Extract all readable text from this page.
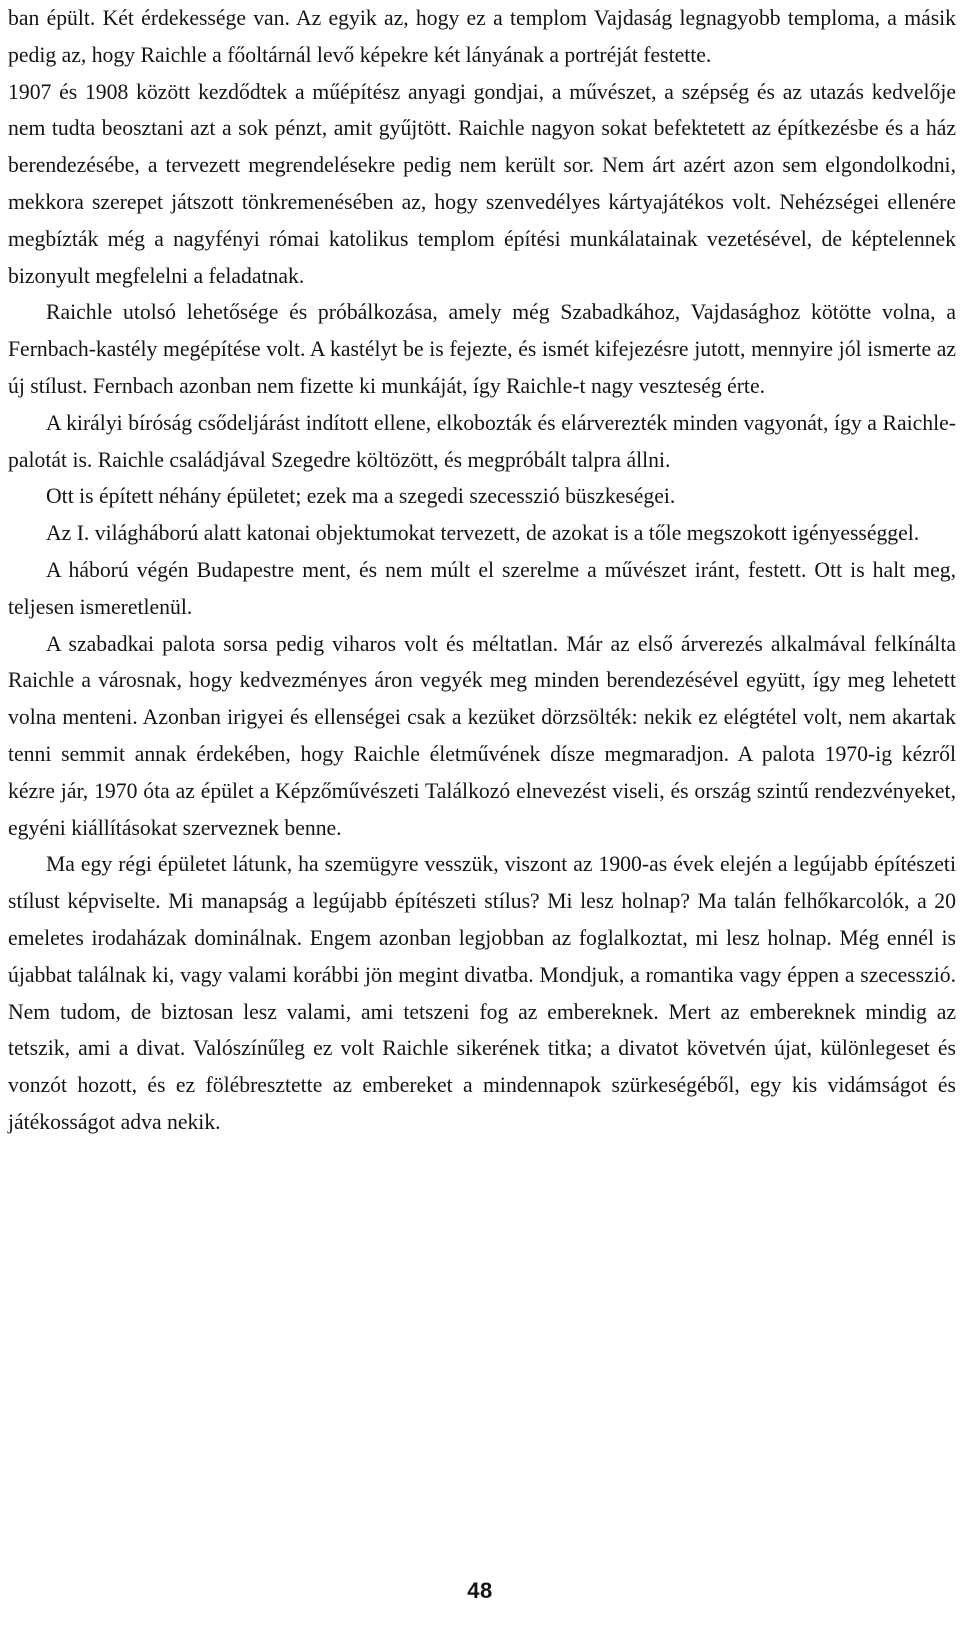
ban épült. Két érdekessége van. Az egyik az, hogy ez a templom Vajdaság legnagyobb temploma, a másik pedig az, hogy Raichle a főoltárnál levő képekre két lányának a portréját festette.

1907 és 1908 között kezdődtek a műépítész anyagi gondjai, a művészet, a szépség és az utazás kedvelője nem tudta beosztani azt a sok pénzt, amit gyűjtött. Raichle nagyon sokat befektetett az építkezésbe és a ház berendezésébe, a tervezett megrendelésekre pedig nem került sor. Nem árt azért azon sem elgondolkodni, mekkora szerepet játszott tönkremenésében az, hogy szenvedélyes kártyajátékos volt. Nehézségei ellenére megbízták még a nagyfényi római katolikus templom építési munkálatainak vezetésével, de képtelennek bizonyult megfelelni a feladatnak.

Raichle utolsó lehetősége és próbálkozása, amely még Szabadkához, Vajdasághoz kötötte volna, a Fernbach-kastély megépítése volt. A kastélyt be is fejezte, és ismét kifejezésre jutott, mennyire jól ismerte az új stílust. Fernbach azonban nem fizette ki munkáját, így Raichle-t nagy veszteség érte.

A királyi bíróság csődeljárást indított ellene, elkobozták és elárverezték minden vagyonát, így a Raichle-palotát is. Raichle családjával Szegedre költözött, és megpróbált talpra állni.

Ott is épített néhány épületet; ezek ma a szegedi szecesszió büszkeségei.

Az I. világháború alatt katonai objektumokat tervezett, de azokat is a tőle megszokott igényességgel.

A háború végén Budapestre ment, és nem múlt el szerelme a művészet iránt, festett. Ott is halt meg, teljesen ismeretlenül.

A szabadkai palota sorsa pedig viharos volt és méltatlan. Már az első árverezés alkalmával felkínálta Raichle a városnak, hogy kedvezményes áron vegyék meg minden berendezésével együtt, így meg lehetett volna menteni. Azonban irigyei és ellenségei csak a kezüket dörzsölték: nekik ez elégtétel volt, nem akartak tenni semmit annak érdekében, hogy Raichle életművének dísze megmaradjon. A palota 1970-ig kézről kézre jár, 1970 óta az épület a Képzőművészeti Találkozó elnevezést viseli, és ország szintű rendezvényeket, egyéni kiállításokat szerveznek benne.

Ma egy régi épületet látunk, ha szemügyre vesszük, viszont az 1900-as évek elején a legújabb építészeti stílust képviselte. Mi manapság a legújabb építészeti stílus? Mi lesz holnap? Ma talán felhőkarcolók, a 20 emeletes irodaházak dominálnak. Engem azonban legjobban az foglalkoztat, mi lesz holnap. Még ennél is újabbat találnak ki, vagy valami korábbi jön megint divatba. Mondjuk, a romantika vagy éppen a szecesszió. Nem tudom, de biztosan lesz valami, ami tetszeni fog az embereknek. Mert az embereknek mindig az tetszik, ami a divat. Valószínűleg ez volt Raichle sikerének titka; a divatot követvén újat, különlegeset és vonzót hozott, és ez fölébresztette az embereket a mindennapok szürkeségéből, egy kis vidámságot és játékosságot adva nekik.

48
